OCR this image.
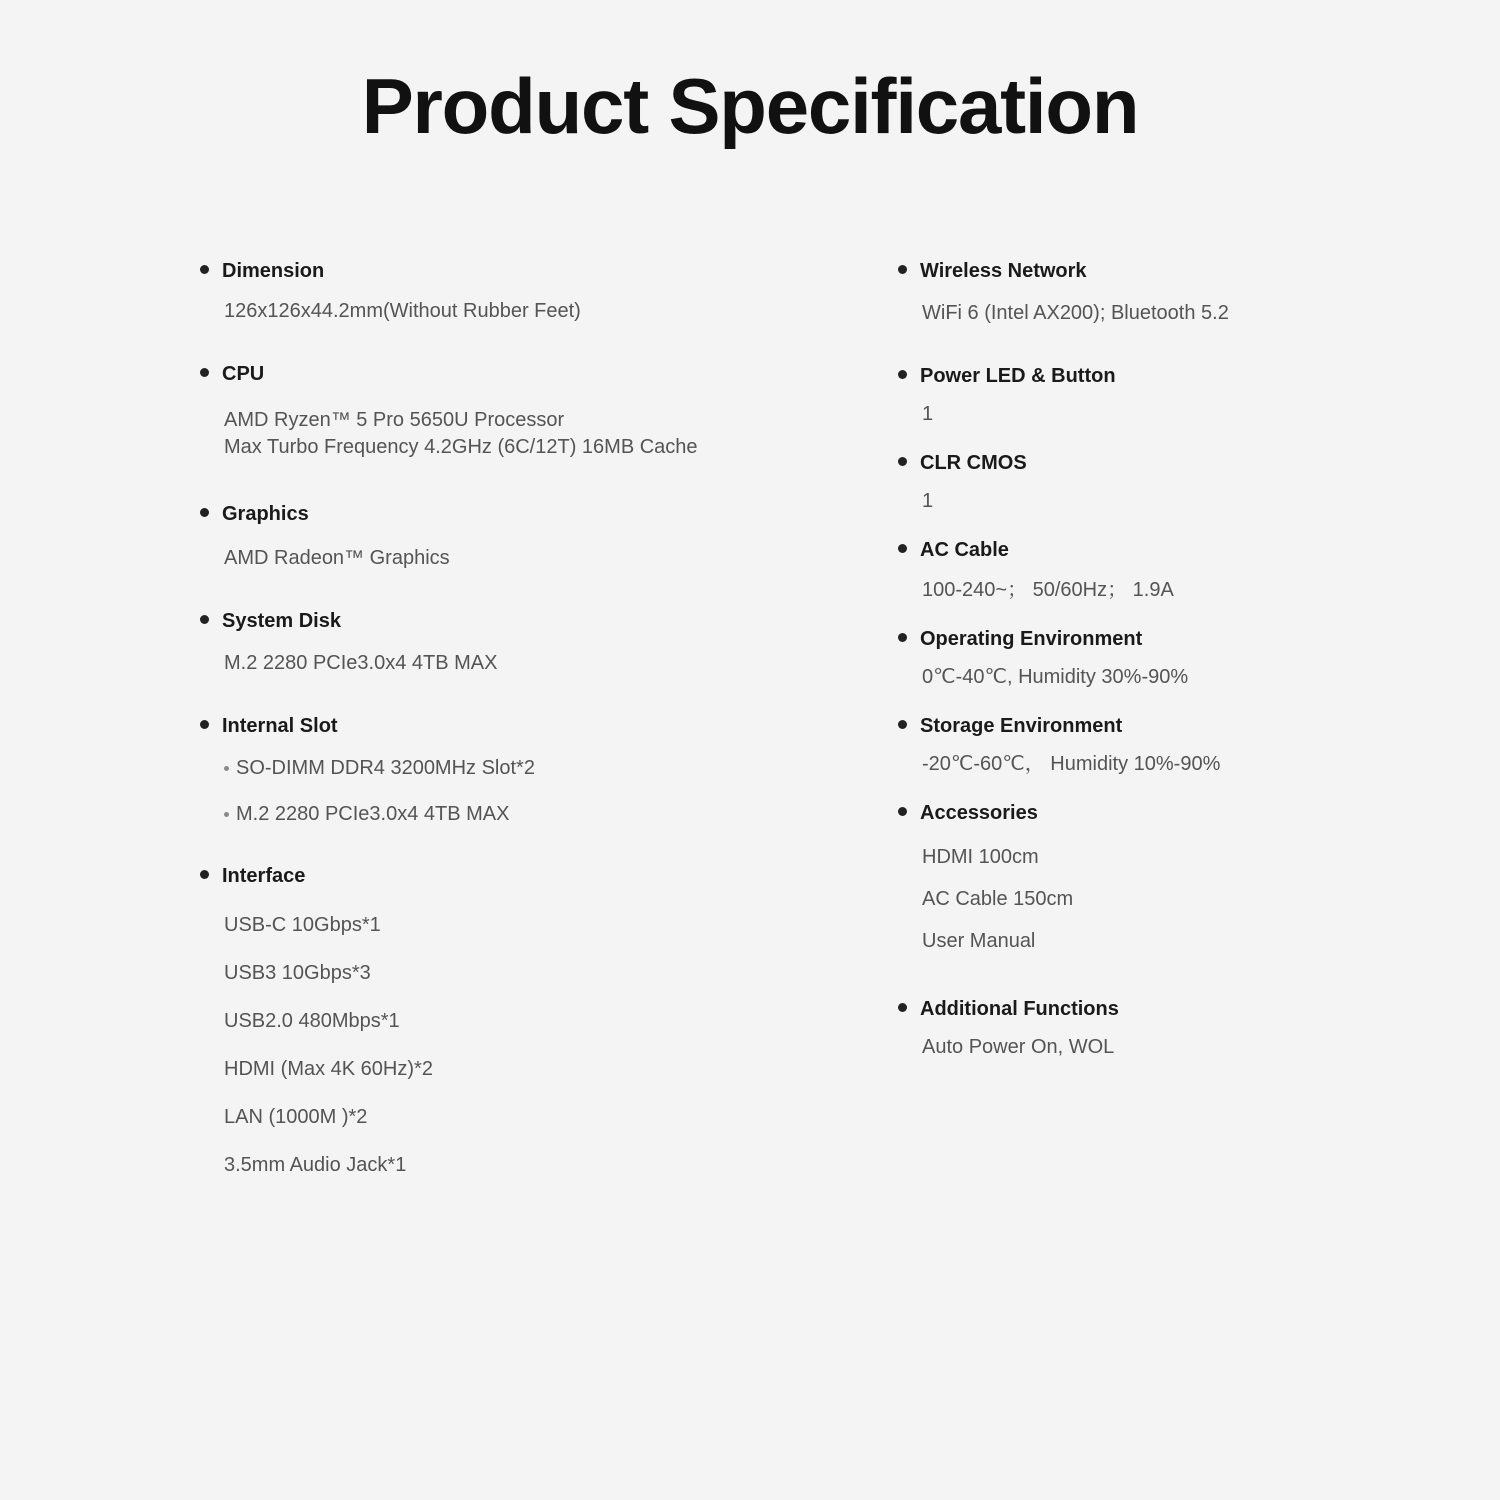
Product Specification
Dimension
126x126x44.2mm(Without Rubber Feet)
CPU
AMD Ryzen™ 5 Pro 5650U Processor
Max Turbo Frequency 4.2GHz (6C/12T) 16MB Cache
Graphics
AMD Radeon™ Graphics
System Disk
M.2 2280 PCIe3.0x4 4TB MAX
Internal Slot
SO-DIMM DDR4 3200MHz Slot*2
M.2 2280 PCIe3.0x4 4TB MAX
Interface
USB-C 10Gbps*1
USB3 10Gbps*3
USB2.0 480Mbps*1
HDMI (Max 4K 60Hz)*2
LAN (1000M )*2
3.5mm Audio Jack*1
Wireless Network
WiFi 6 (Intel AX200); Bluetooth 5.2
Power LED & Button
1
CLR CMOS
1
AC Cable
100-240~； 50/60Hz； 1.9A
Operating Environment
0℃-40℃, Humidity 30%-90%
Storage Environment
-20℃-60℃， Humidity 10%-90%
Accessories
HDMI 100cm
AC Cable 150cm
User Manual
Additional Functions
Auto Power On, WOL
